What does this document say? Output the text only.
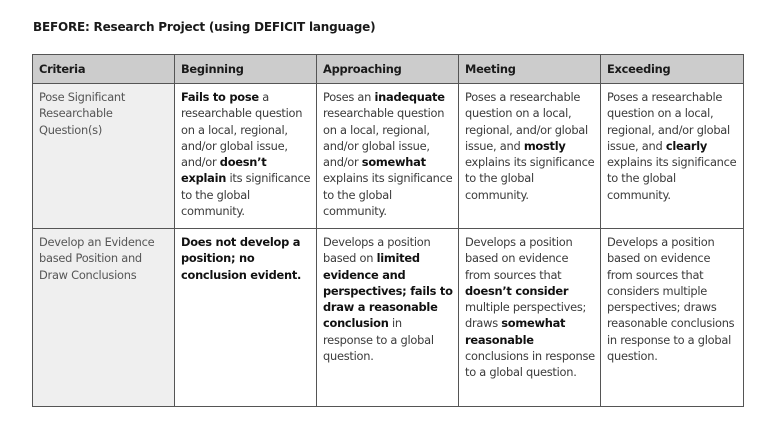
BEFORE: Research Project (using DEFICIT language)
Criteria	Beginning	Approaching	Meeting	Exceeding
Pose Significant Researchable Question(s)	Fails to pose a researchable question on a local, regional, and/or global issue, and/or doesn’t explain its significance to the global community.	Poses an inadequate researchable question on a local, regional, and/or global issue, and/or somewhat explains its significance to the global community.	Poses a researchable question on a local, regional, and/or global issue, and mostly explains its significance to the global community.	Poses a researchable question on a local, regional, and/or global issue, and clearly explains its significance to the global community.
Develop an Evidence based Position and Draw Conclusions	Does not develop a position; no conclusion evident.	Develops a position based on limited evidence and perspectives; fails to draw a reasonable conclusion in response to a global question.	Develops a position based on evidence from sources that doesn’t consider multiple perspectives; draws somewhat reasonable conclusions in response to a global question.	Develops a position based on evidence from sources that considers multiple perspectives; draws reasonable conclusions in response to a global question.
